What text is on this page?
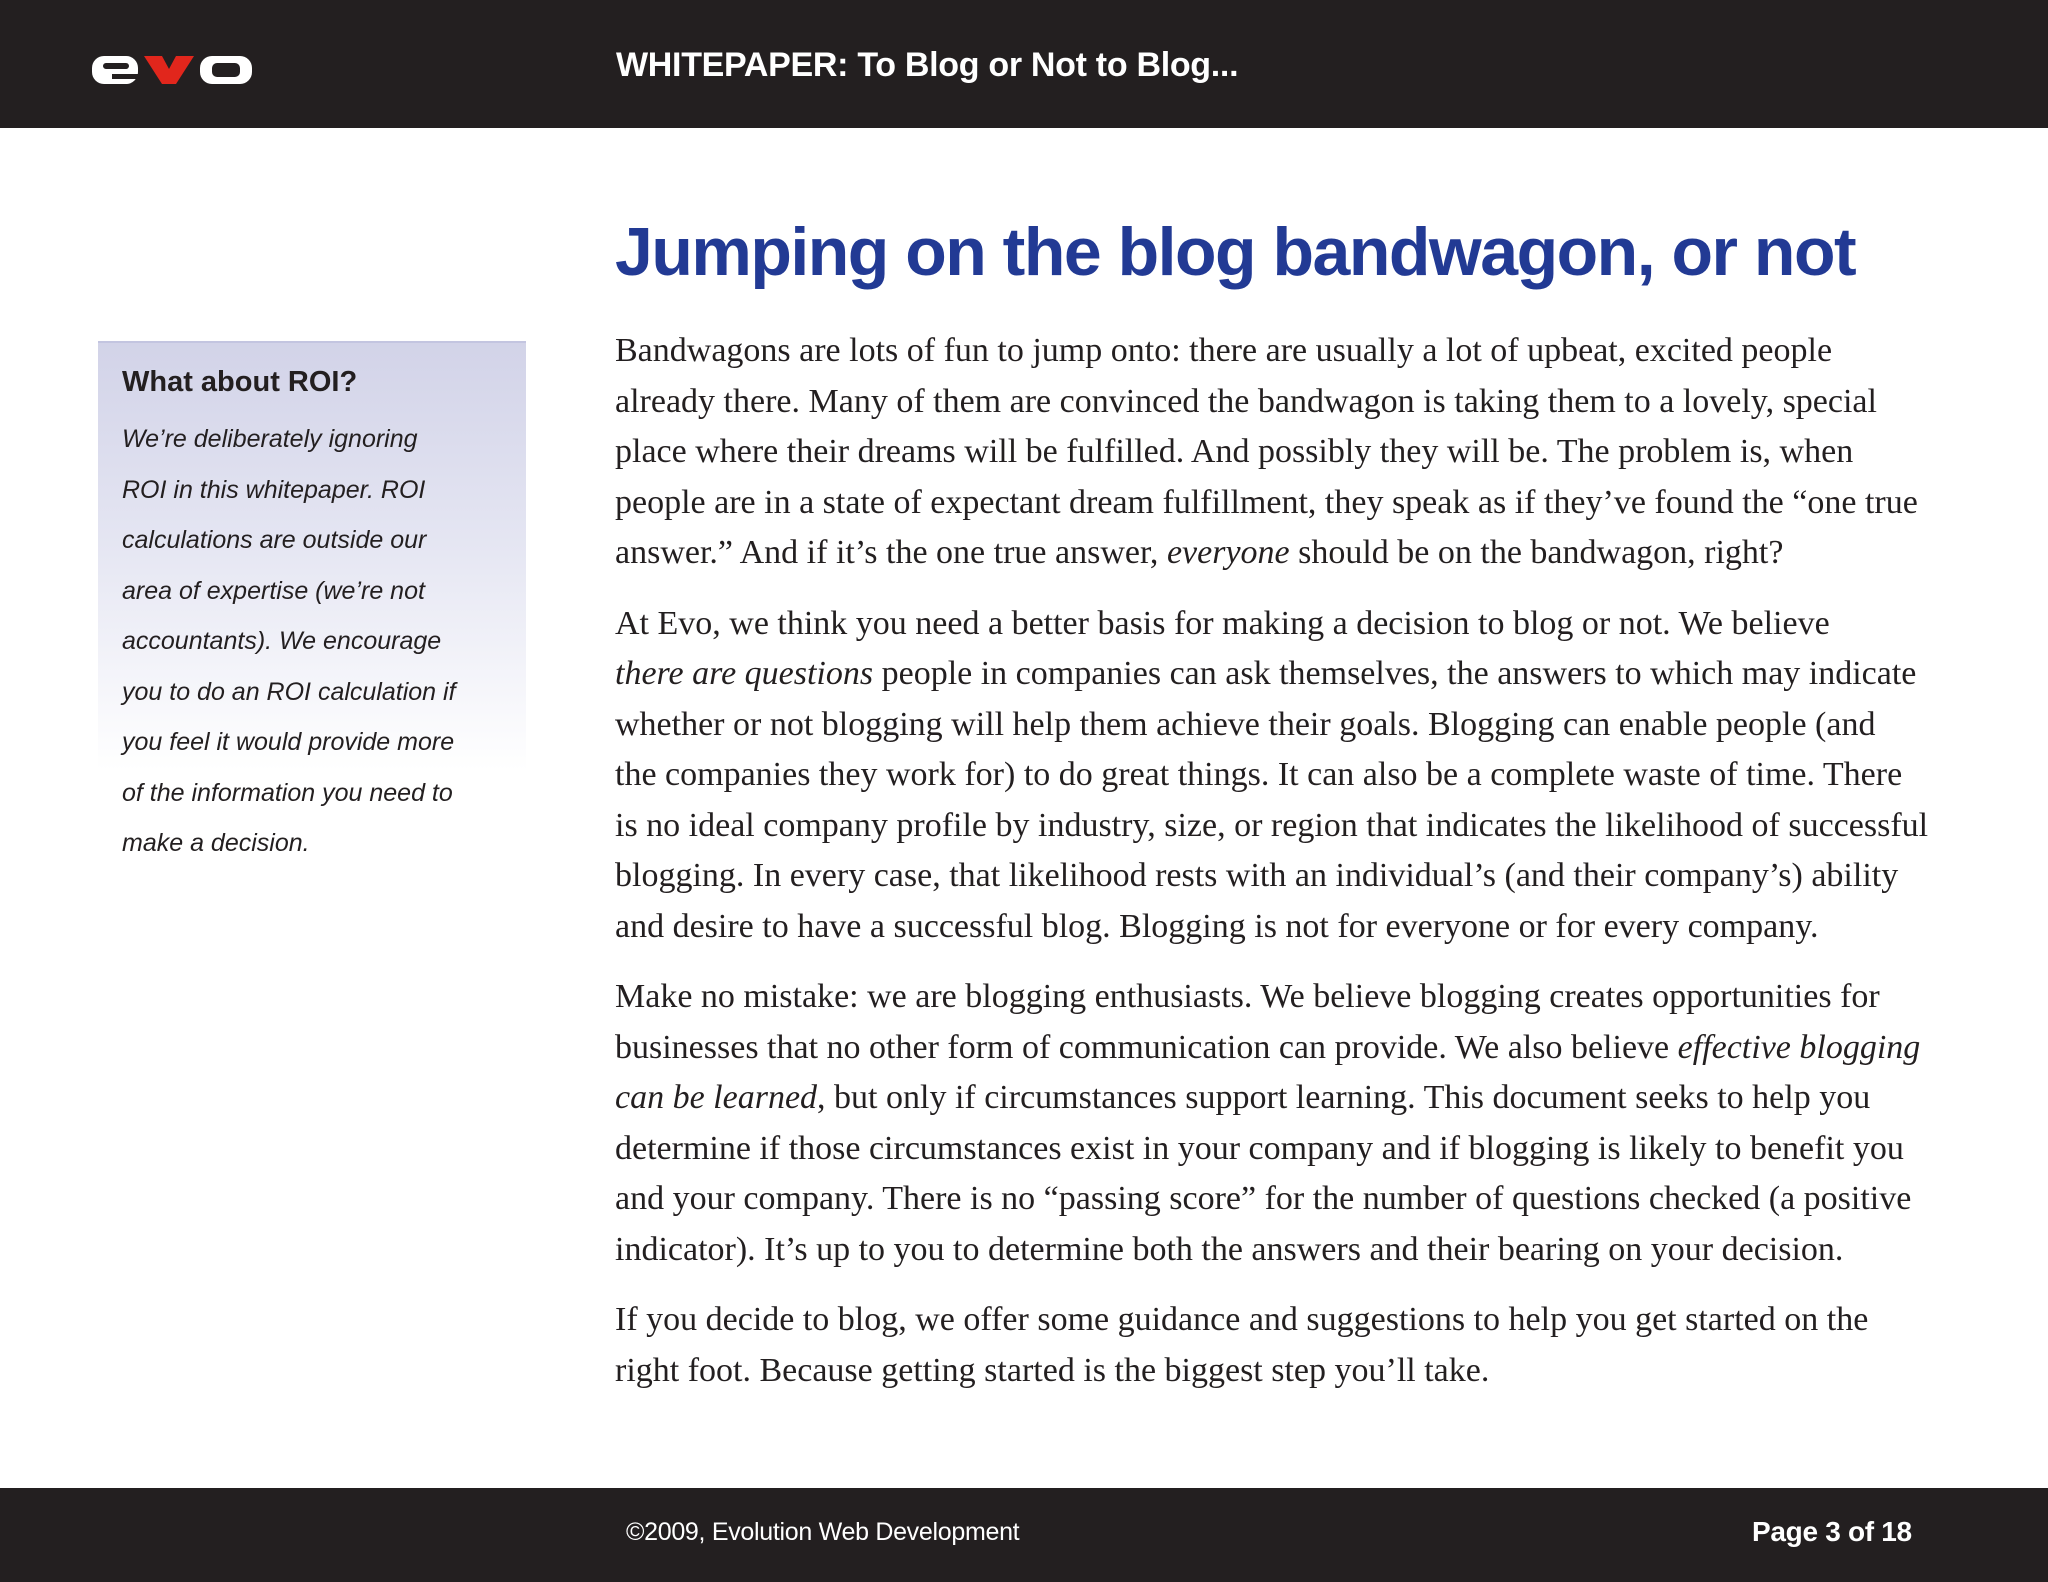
WHITEPAPER: To Blog or Not to Blog...
Jumping on the blog bandwagon, or not
What about ROI?
We’re deliberately ignoring
ROI in this whitepaper. ROI
calculations are outside our
area of expertise (we’re not
accountants). We encourage
you to do an ROI calculation if
you feel it would provide more
of the information you need to
make a decision.

Bandwagons are lots of fun to jump onto: there are usually a lot of upbeat, excited people
already there. Many of them are convinced the bandwagon is taking them to a lovely, special
place where their dreams will be fulfilled. And possibly they will be. The problem is, when
people are in a state of expectant dream fulfillment, they speak as if they’ve found the “one true
answer.” And if it’s the one true answer, everyone should be on the bandwagon, right?

At Evo, we think you need a better basis for making a decision to blog or not. We believe
there are questions people in companies can ask themselves, the answers to which may indicate
whether or not blogging will help them achieve their goals. Blogging can enable people (and
the companies they work for) to do great things. It can also be a complete waste of time. There
is no ideal company profile by industry, size, or region that indicates the likelihood of successful
blogging. In every case, that likelihood rests with an individual’s (and their company’s) ability
and desire to have a successful blog. Blogging is not for everyone or for every company.

Make no mistake: we are blogging enthusiasts. We believe blogging creates opportunities for
businesses that no other form of communication can provide. We also believe effective blogging
can be learned, but only if circumstances support learning. This document seeks to help you
determine if those circumstances exist in your company and if blogging is likely to benefit you
and your company. There is no “passing score” for the number of questions checked (a positive
indicator). It’s up to you to determine both the answers and their bearing on your decision.

If you decide to blog, we offer some guidance and suggestions to help you get started on the
right foot. Because getting started is the biggest step you’ll take.

©2009, Evolution Web Development	Page 3 of 18
